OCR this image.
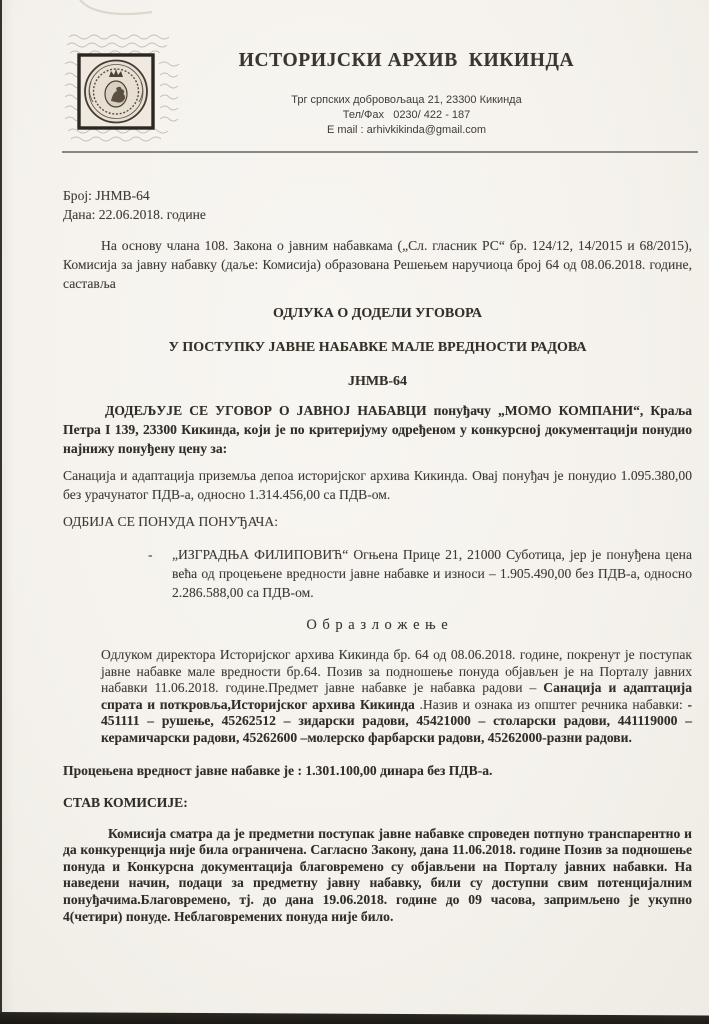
ИСТОРИЈСКИ АРХИВ  КИКИНДА
Трг српских добровољаца 21, 23300 Кикинда
Тел/Фах   0230/ 422 - 187
E mail : arhivkikinda@gmail.com

Број: ЈНМВ-64

Дана: 22.06.2018. године

На основу члана 108. Закона о јавним набавкама („Сл. гласник РС“ бр. 124/12, 14/2015 и 68/2015), Комисија за јавну набавку (даље: Комисија) образована Решењем наручиоца број 64 од 08.06.2018. године, саставља

ОДЛУКА О ДОДЕЛИ УГОВОРА

У ПОСТУПКУ ЈАВНЕ НАБАВКЕ МАЛЕ ВРЕДНОСТИ РАДОВА

ЈНМВ-64

ДОДЕЉУЈЕ СЕ УГОВОР О ЈАВНОЈ НАБАВЦИ понуђачу „МОМО КОМПАНИ“, Краља Петра I 139, 23300 Кикинда, који је по критеријуму одређеном у конкурсној документацији понудио најнижу понуђену цену за:

Санација и адаптација приземља депоа историјског архива Кикинда. Овај понуђач је понудио 1.095.380,00 без урачунатог ПДВ-а, односно 1.314.456,00 са ПДВ-ом.

ОДБИЈА СЕ ПОНУДА ПОНУЂАЧА:

-	„ИЗГРАДЊА ФИЛИПОВИЋ“ Огњена Прице 21, 21000 Суботица, јер је понуђена цена већа од процењене вредности јавне набавке и износи – 1.905.490,00 без ПДВ-а, односно 2.286.588,00 са ПДВ-ом.

О б р а з л о ж е њ е

Одлуком директора Историјског архива Кикинда бр. 64 од 08.06.2018. године, покренут је поступак јавне набавке мале вредности бр.64. Позив за подношење понуда објављен је на Порталу јавних набавки 11.06.2018. године.Предмет јавне набавке је набавка радови – Санација и адаптација спрата и поткровља,Историјског архива Кикинда .Назив и ознака из општег речника набавки: - 451111 – рушење, 45262512 – зидарски радови, 45421000 – столарски радови, 441119000 – керамичарски радови, 45262600 –молерско фарбарски радови, 45262000-разни радови.

Процењена вредност јавне набавке је : 1.301.100,00 динара без ПДВ-а.

СТАВ КОМИСИЈЕ:

Комисија сматра да је предметни поступак јавне набавке спроведен потпуно транспарентно и да конкуренција није била ограничена. Сагласно Закону, дана 11.06.2018. године Позив за подношење понуда и Конкурсна документација благовремено су објављени на Порталу јавних набавки. На наведени начин, подаци за предметну јавну набавку, били су доступни свим потенцијалним понуђачима.Благовремено, тј. до дана 19.06.2018. године до 09 часова, запримљено је укупно 4(четири) понуде. Неблаговремених понуда није било.
